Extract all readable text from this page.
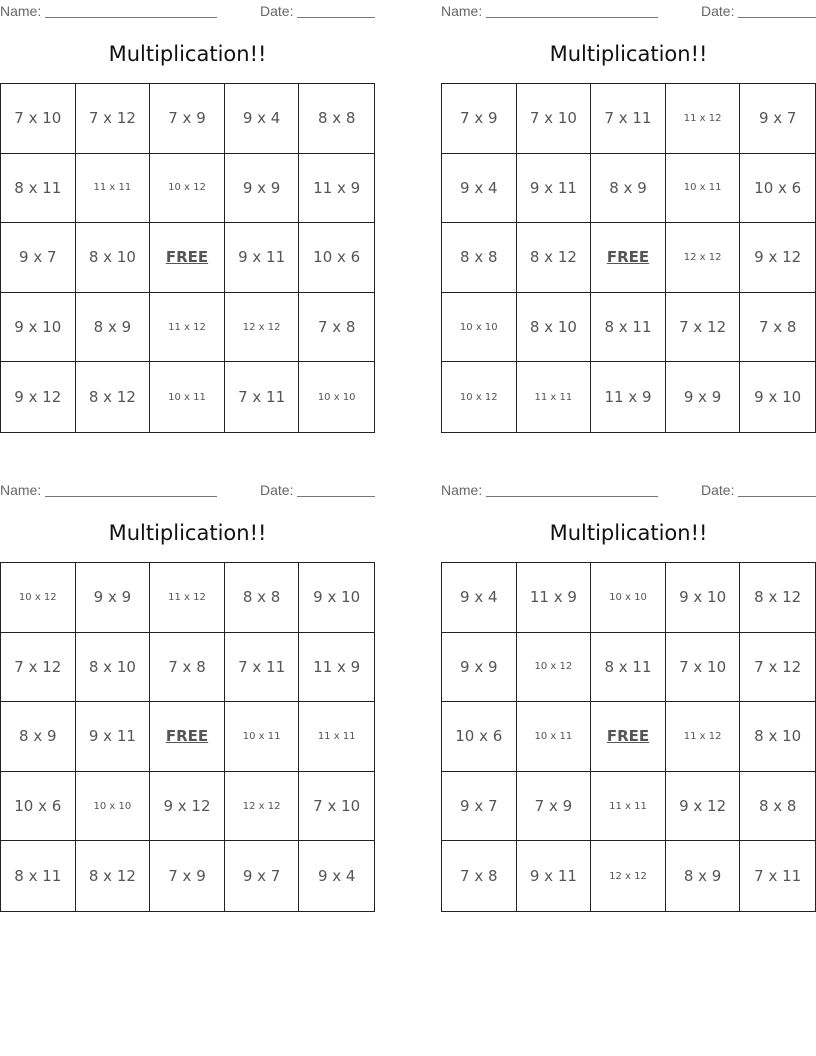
Name:	Date:
Multiplication!!
7 x 10	7 x 12	7 x 9	9 x 4	8 x 8
8 x 11	11 x 11	10 x 12	9 x 9	11 x 9
9 x 7	8 x 10	FREE	9 x 11	10 x 6
9 x 10	8 x 9	11 x 12	12 x 12	7 x 8
9 x 12	8 x 12	10 x 11	7 x 11	10 x 10
Name:	Date:
Multiplication!!
7 x 9	7 x 10	7 x 11	11 x 12	9 x 7
9 x 4	9 x 11	8 x 9	10 x 11	10 x 6
8 x 8	8 x 12	FREE	12 x 12	9 x 12
10 x 10	8 x 10	8 x 11	7 x 12	7 x 8
10 x 12	11 x 11	11 x 9	9 x 9	9 x 10
Name:	Date:
Multiplication!!
10 x 12	9 x 9	11 x 12	8 x 8	9 x 10
7 x 12	8 x 10	7 x 8	7 x 11	11 x 9
8 x 9	9 x 11	FREE	10 x 11	11 x 11
10 x 6	10 x 10	9 x 12	12 x 12	7 x 10
8 x 11	8 x 12	7 x 9	9 x 7	9 x 4
Name:	Date:
Multiplication!!
9 x 4	11 x 9	10 x 10	9 x 10	8 x 12
9 x 9	10 x 12	8 x 11	7 x 10	7 x 12
10 x 6	10 x 11	FREE	11 x 12	8 x 10
9 x 7	7 x 9	11 x 11	9 x 12	8 x 8
7 x 8	9 x 11	12 x 12	8 x 9	7 x 11
